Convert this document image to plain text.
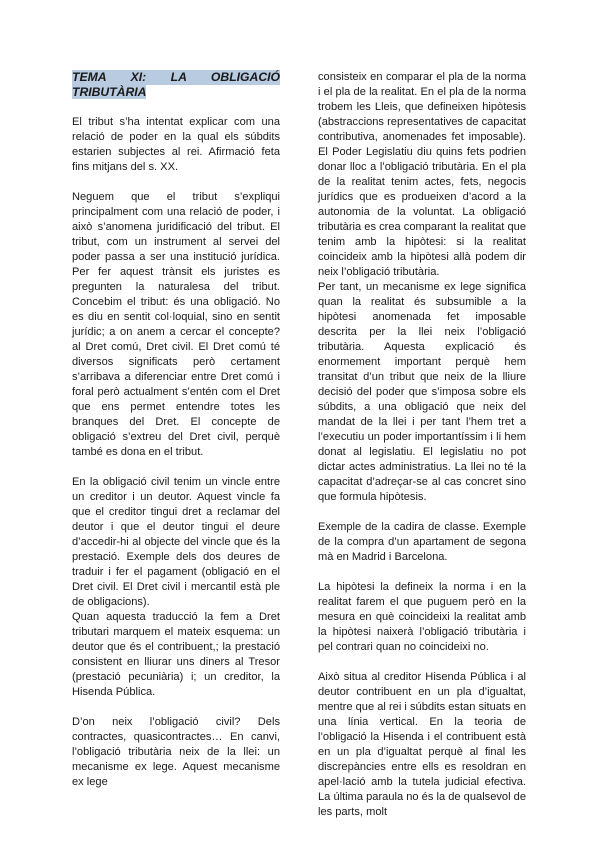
TEMA XI: LA OBLIGACIÓ
TRIBUTÀRIA

El tribut s’ha intentat explicar com una relació de poder en la qual els súbdits estarien subjectes al rei. Afirmació feta fins mitjans del s. XX.

Neguem que el tribut s’expliqui principalment com una relació de poder, i això s’anomena juridificació del tribut. El tribut, com un instrument al servei del poder passa a ser una institució jurídica. Per fer aquest trànsit els juristes es pregunten la naturalesa del tribut. Concebim el tribut: és una obligació. No es diu en sentit col·loquial, sino en sentit jurídic; a on anem a cercar el concepte? al Dret comú, Dret civil. El Dret comú té diversos significats però certament s’arribava a diferenciar entre Dret comú i foral però actualment s’entén com el Dret que ens permet entendre totes les branques del Dret. El concepte de obligació s’extreu del Dret civil, perquè també es dona en el tribut.

En la obligació civil tenim un vincle entre un creditor i un deutor. Aquest vincle fa que el creditor tingui dret a reclamar del deutor i que el deutor tingui el deure d’accedir-hi al objecte del vincle que és la prestació. Exemple dels dos deures de traduir i fer el pagament (obligació en el Dret civil. El Dret civil i mercantil està ple de obligacions).

Quan aquesta traducció la fem a Dret tributari marquem el mateix esquema: un deutor que és el contribuent,; la prestació consistent en lliurar uns diners al Tresor (prestació pecuniària) i; un creditor, la Hisenda Pública.

D’on neix l’obligació civil? Dels contractes, quasicontractes… En canvi, l’obligació tributària neix de la llei: un mecanisme ex lege. Aquest mecanisme ex lege

consisteix en comparar el pla de la norma i el pla de la realitat. En el pla de la norma trobem les Lleis, que defineixen hipòtesis (abstraccions representatives de capacitat contributiva, anomenades fet imposable). El Poder Legislatiu diu quins fets podrien donar lloc a l’obligació tributària. En el pla de la realitat tenim actes, fets, negocis jurídics que es produeixen d’acord a la autonomia de la voluntat. La obligació tributària es crea comparant la realitat que tenim amb la hipòtesi: si la realitat coincideix amb la hipòtesi allà podem dir neix l’obligació tributària.

Per tant, un mecanisme ex lege significa quan la realitat és subsumible a la hipòtesi anomenada fet imposable descrita per la llei neix l’obligació tributària. Aquesta explicació és enormement important perquè hem transitat d’un tribut que neix de la lliure decisió del poder que s’imposa sobre els súbdits, a una obligació que neix del mandat de la llei i per tant l’hem tret a l’executiu un poder importantíssim i li hem donat al legislatiu. El legislatiu no pot dictar actes administratius. La llei no té la capacitat d’adreçar-se al cas concret sino que formula hipòtesis.

Exemple de la cadira de classe. Exemple de la compra d’un apartament de segona mà en Madrid i Barcelona.

La hipòtesi la defineix la norma i en la realitat farem el que puguem però en la mesura en què coincideixi la realitat amb la hipòtesi naixerà l’obligació tributària i pel contrari quan no coincideixi no.

Això situa al creditor Hisenda Pública i al deutor contribuent en un pla d’igualtat, mentre que al rei i súbdits estan situats en una línia vertical. En la teoria de l’obligació la Hisenda i el contribuent està en un pla d’igualtat perquè al final les discrepàncies entre ells es resoldran en apel·lació amb la tutela judicial efectiva. La última paraula no és la de qualsevol de les parts, molt
